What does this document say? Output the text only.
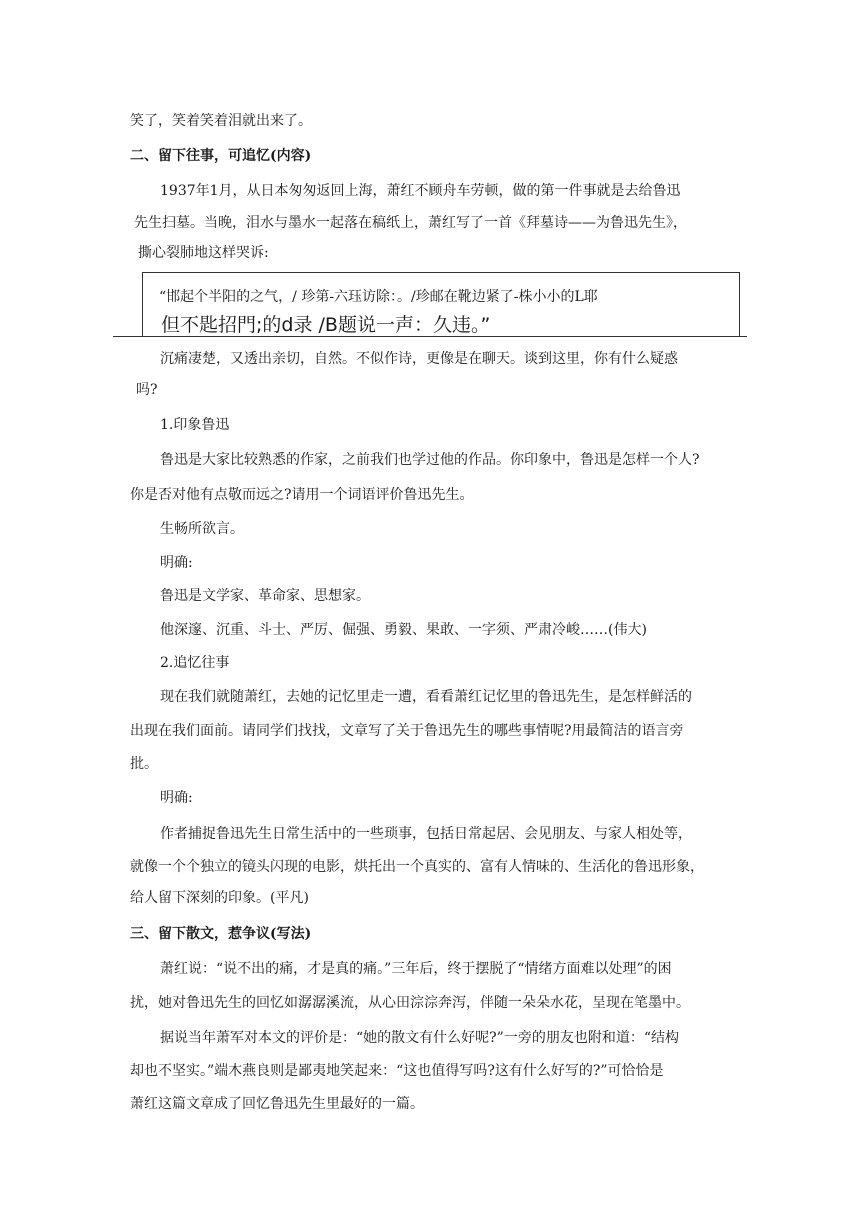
笑了，笑着笑着泪就出来了。
二、留下往事，可追忆(内容)
1937年1月，从日本匆匆返回上海，萧红不顾舟车劳顿，做的第一件事就是去给鲁迅
先生扫墓。当晚，泪水与墨水一起落在稿纸上，萧红写了一首《拜墓诗——为鲁迅先生》，
撕心裂肺地这样哭诉:
“邯起个半阳的之气，/ 珍第-六珏访除：。/珍邮在靴边紧了-株小小的L耶
但不匙招門;的d录 /B题说一声：久违。”
沉痛凄楚，又透出亲切，自然。不似作诗，更像是在聊天。谈到这里，你有什么疑惑
吗?
1.印象鲁迅
鲁迅是大家比较熟悉的作家，之前我们也学过他的作品。你印象中，鲁迅是怎样一个人?
你是否对他有点敬而远之?请用一个词语评价鲁迅先生。
生畅所欲言。
明确:
鲁迅是文学家、革命家、思想家。
他深邃、沉重、斗士、严厉、倔强、勇毅、果敢、一字须、严肃冷峻……(伟大)
2.追忆往事
现在我们就随萧红，去她的记忆里走一遭，看看萧红记忆里的鲁迅先生，是怎样鲜活的
出现在我们面前。请同学们找找，文章写了关于鲁迅先生的哪些事情呢?用最简洁的语言旁
批。
明确:
作者捕捉鲁迅先生日常生活中的一些琐事，包括日常起居、会见朋友、与家人相处等，
就像一个个独立的镜头闪现的电影，烘托出一个真实的、富有人情味的、生活化的鲁迅形象，
给人留下深刻的印象。(平凡)
三、留下散文，惹争议(写法)
萧红说：“说不出的痛，才是真的痛。”三年后，终于摆脱了“情绪方面难以处理”的困
扰，她对鲁迅先生的回忆如潺潺溪流，从心田淙淙奔泻，伴随一朵朵水花，呈现在笔墨中。
据说当年萧军对本文的评价是：“她的散文有什么好呢?”一旁的朋友也附和道：“结构
却也不坚实。”端木燕良则是鄙夷地笑起来：“这也值得写吗?这有什么好写的?”可恰恰是
萧红这篇文章成了回忆鲁迅先生里最好的一篇。
